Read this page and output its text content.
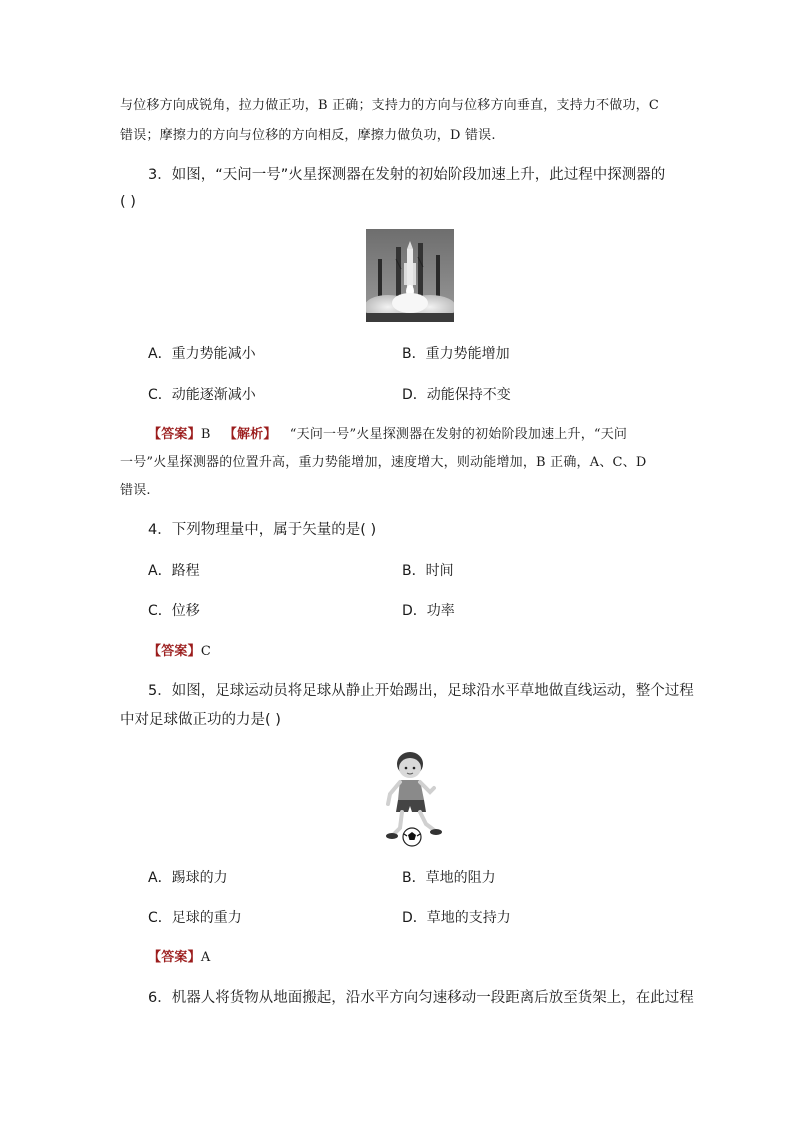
与位移方向成锐角，拉力做正功，B 正确；支持力的方向与位移方向垂直，支持力不做功，C
错误；摩擦力的方向与位移的方向相反，摩擦力做负功，D 错误.
3．如图，“天问一号”火星探测器在发射的初始阶段加速上升，此过程中探测器的
( )
A．重力势能减小	B．重力势能增加
C．动能逐渐减小	D．动能保持不变
【答案】B  【解析】  “天问一号”火星探测器在发射的初始阶段加速上升，“天问
一号”火星探测器的位置升高，重力势能增加，速度增大，则动能增加，B 正确，A、C、D
错误.
4．下列物理量中，属于矢量的是( )
A．路程	B．时间
C．位移	D．功率
【答案】C
5．如图，足球运动员将足球从静止开始踢出，足球沿水平草地做直线运动，整个过程
中对足球做正功的力是( )
A．踢球的力	B．草地的阻力
C．足球的重力	D．草地的支持力
【答案】A
6．机器人将货物从地面搬起，沿水平方向匀速移动一段距离后放至货架上，在此过程
